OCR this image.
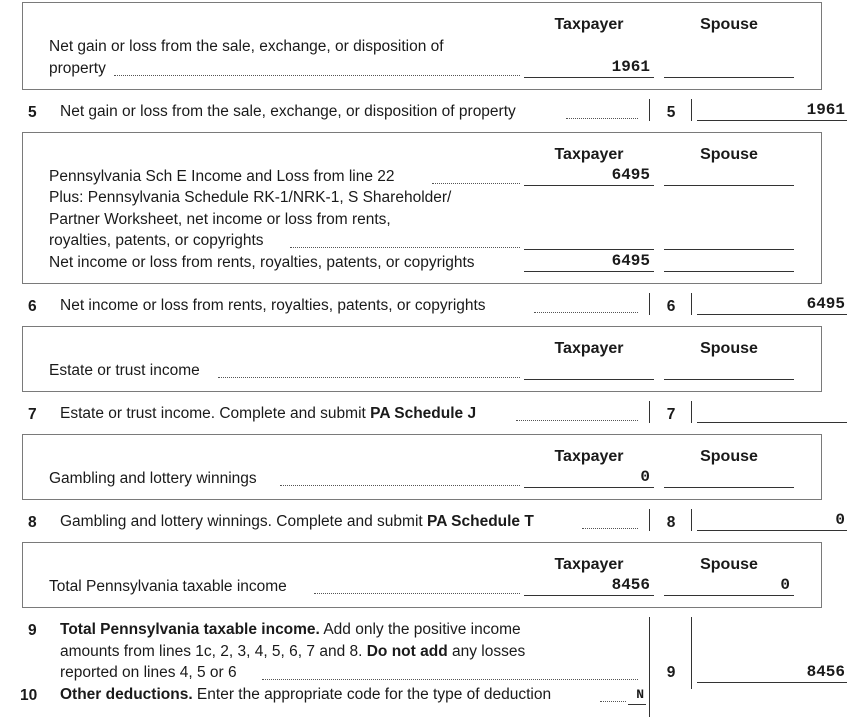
Taxpayer	Spouse
Net gain or loss from the sale, exchange, or disposition of
property	1961
5 Net gain or loss from the sale, exchange, or disposition of property	5	1961
Taxpayer	Spouse
Pennsylvania Sch E Income and Loss from line 22	6495
Plus: Pennsylvania Schedule RK-1/NRK-1, S Shareholder/
Partner Worksheet, net income or loss from rents,
royalties, patents, or copyrights
Net income or loss from rents, royalties, patents, or copyrights	6495
6 Net income or loss from rents, royalties, patents, or copyrights	6	6495
Taxpayer	Spouse
Estate or trust income
7 Estate or trust income. Complete and submit PA Schedule J	7
Taxpayer	Spouse
Gambling and lottery winnings	0
8 Gambling and lottery winnings. Complete and submit PA Schedule T	8	0
Taxpayer	Spouse
Total Pennsylvania taxable income	8456	0
9 Total Pennsylvania taxable income. Add only the positive income
amounts from lines 1c, 2, 3, 4, 5, 6, 7 and 8. Do not add any losses
reported on lines 4, 5 or 6	9	8456
10 Other deductions. Enter the appropriate code for the type of deduction	N
